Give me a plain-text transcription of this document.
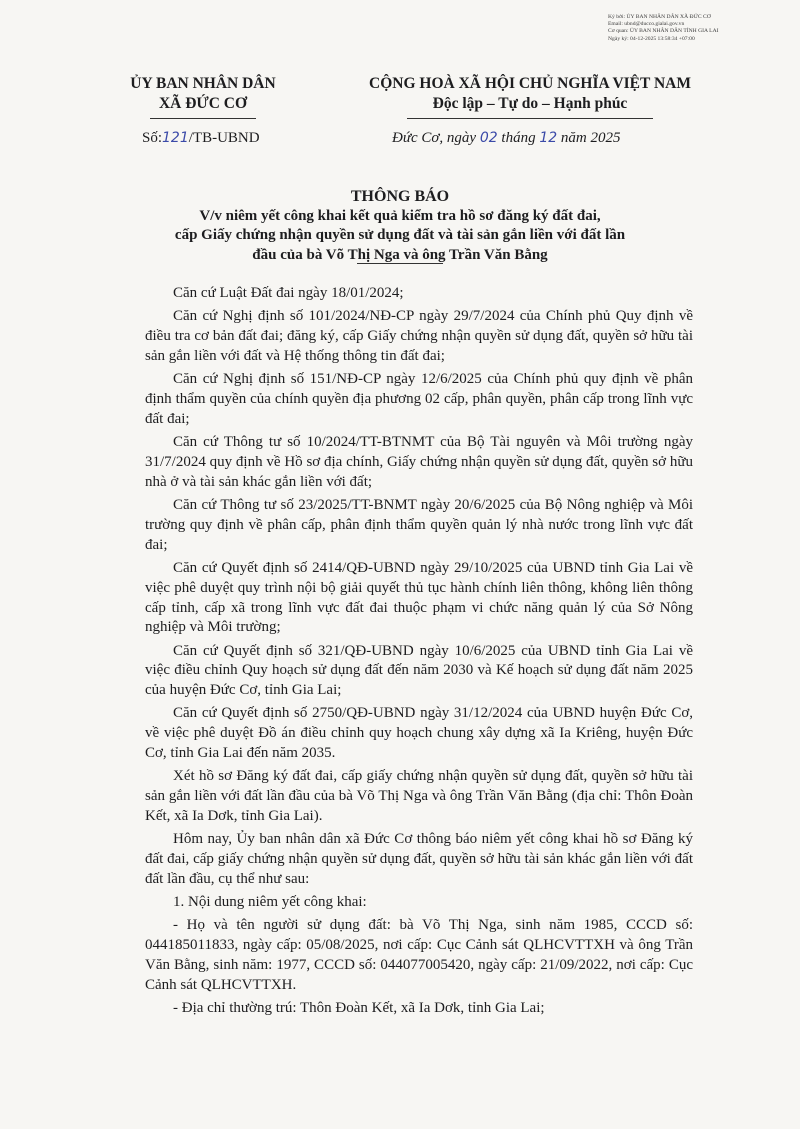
Ký bởi: ỦY BAN NHÂN DÂN XÃ ĐỨC CƠ
Email: ubnd@ducco.gialai.gov.vn
Cơ quan: ỦY BAN NHÂN DÂN TỈNH GIA LAI
Ngày ký: 04-12-2025 13:58:34 +07:00
ỦY BAN NHÂN DÂN
XÃ ĐỨC CƠ
CỘNG HOÀ XÃ HỘI CHỦ NGHĨA VIỆT NAM
Độc lập – Tự do – Hạnh phúc
Số:121/TB-UBND	Đức Cơ, ngày 02 tháng 12 năm 2025
THÔNG BÁO
V/v niêm yết công khai kết quả kiểm tra hồ sơ đăng ký đất đai,
cấp Giấy chứng nhận quyền sử dụng đất và tài sản gắn liền với đất lần
đầu của bà Võ Thị Nga và ông Trần Văn Bằng

Căn cứ Luật Đất đai ngày 18/01/2024;

Căn cứ Nghị định số 101/2024/NĐ-CP ngày 29/7/2024 của Chính phủ Quy định về điều tra cơ bản đất đai; đăng ký, cấp Giấy chứng nhận quyền sử dụng đất, quyền sở hữu tài sản gắn liền với đất và Hệ thống thông tin đất đai;

Căn cứ Nghị định số 151/NĐ-CP ngày 12/6/2025 của Chính phủ quy định về phân định thẩm quyền của chính quyền địa phương 02 cấp, phân quyền, phân cấp trong lĩnh vực đất đai;

Căn cứ Thông tư số 10/2024/TT-BTNMT của Bộ Tài nguyên và Môi trường ngày 31/7/2024 quy định về Hồ sơ địa chính, Giấy chứng nhận quyền sử dụng đất, quyền sở hữu nhà ở và tài sản khác gắn liền với đất;

Căn cứ Thông tư số 23/2025/TT-BNMT ngày 20/6/2025 của Bộ Nông nghiệp và Môi trường quy định về phân cấp, phân định thẩm quyền quản lý nhà nước trong lĩnh vực đất đai;

Căn cứ Quyết định số 2414/QĐ-UBND ngày 29/10/2025 của UBND tỉnh Gia Lai về việc phê duyệt quy trình nội bộ giải quyết thủ tục hành chính liên thông, không liên thông cấp tỉnh, cấp xã trong lĩnh vực đất đai thuộc phạm vi chức năng quản lý của Sở Nông nghiệp và Môi trường;

Căn cứ Quyết định số 321/QĐ-UBND ngày 10/6/2025 của UBND tỉnh Gia Lai về việc điều chỉnh Quy hoạch sử dụng đất đến năm 2030 và Kế hoạch sử dụng đất năm 2025 của huyện Đức Cơ, tỉnh Gia Lai;

Căn cứ Quyết định số 2750/QĐ-UBND ngày 31/12/2024 của UBND huyện Đức Cơ, về việc phê duyệt Đồ án điều chỉnh quy hoạch chung xây dựng xã Ia Kriêng, huyện Đức Cơ, tỉnh Gia Lai đến năm 2035.

Xét hồ sơ Đăng ký đất đai, cấp giấy chứng nhận quyền sử dụng đất, quyền sở hữu tài sản gắn liền với đất lần đầu của bà Võ Thị Nga và ông Trần Văn Bằng (địa chỉ: Thôn Đoàn Kết, xã Ia Dơk, tỉnh Gia Lai).

Hôm nay, Ủy ban nhân dân xã Đức Cơ thông báo niêm yết công khai hồ sơ Đăng ký đất đai, cấp giấy chứng nhận quyền sử dụng đất, quyền sở hữu tài sản khác gắn liền với đất đất lần đầu, cụ thể như sau:

1. Nội dung niêm yết công khai:

- Họ và tên người sử dụng đất: bà Võ Thị Nga, sinh năm 1985, CCCD số: 044185011833, ngày cấp: 05/08/2025, nơi cấp: Cục Cảnh sát QLHCVTTXH và ông Trần Văn Bằng, sinh năm: 1977, CCCD số: 044077005420, ngày cấp: 21/09/2022, nơi cấp: Cục Cảnh sát QLHCVTTXH.

- Địa chỉ thường trú: Thôn Đoàn Kết, xã Ia Dơk, tỉnh Gia Lai;
